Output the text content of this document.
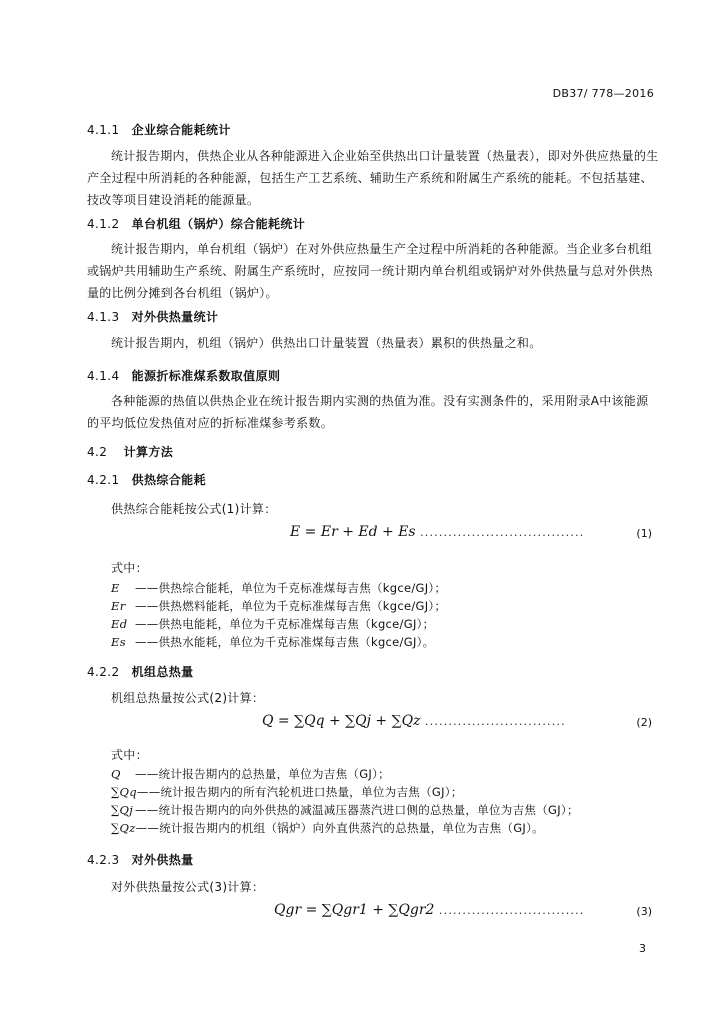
DB37/ 778—2016
4.1.1 企业综合能耗统计
统计报告期内，供热企业从各种能源进入企业始至供热出口计量装置（热量表），即对外供应热量的生产全过程中所消耗的各种能源，包括生产工艺系统、辅助生产系统和附属生产系统的能耗。不包括基建、技改等项目建设消耗的能源量。
4.1.2 单台机组（锅炉）综合能耗统计
统计报告期内，单台机组（锅炉）在对外供应热量生产全过程中所消耗的各种能源。当企业多台机组或锅炉共用辅助生产系统、附属生产系统时，应按同一统计期内单台机组或锅炉对外供热量与总对外供热量的比例分摊到各台机组（锅炉）。
4.1.3 对外供热量统计
统计报告期内，机组（锅炉）供热出口计量装置（热量表）累积的供热量之和。
4.1.4 能源折标准煤系数取值原则
各种能源的热值以供热企业在统计报告期内实测的热值为准。没有实测条件的，采用附录A中该能源的平均低位发热值对应的折标准煤参考系数。
4.2 计算方法
4.2.1 供热综合能耗
供热综合能耗按公式(1)计算：
E = Er + Ed + Es ...................................	(1)
式中：
E ——供热综合能耗，单位为千克标准煤每吉焦（kgce/GJ）；
Er ——供热燃料能耗，单位为千克标准煤每吉焦（kgce/GJ）；
Ed ——供热电能耗，单位为千克标准煤每吉焦（kgce/GJ）；
Es ——供热水能耗，单位为千克标准煤每吉焦（kgce/GJ）。
4.2.2 机组总热量
机组总热量按公式(2)计算：
Q = ∑Qq + ∑Qj + ∑Qz ..............................	(2)
式中：
Q ——统计报告期内的总热量，单位为吉焦（GJ）；
∑Qq——统计报告期内的所有汽轮机进口热量，单位为吉焦（GJ）；
∑Qj ——统计报告期内的向外供热的减温减压器蒸汽进口侧的总热量，单位为吉焦（GJ）；
∑Qz——统计报告期内的机组（锅炉）向外直供蒸汽的总热量，单位为吉焦（GJ）。
4.2.3 对外供热量
对外供热量按公式(3)计算：
Qgr = ∑Qgr1 + ∑Qgr2 ...............................	(3)
3
